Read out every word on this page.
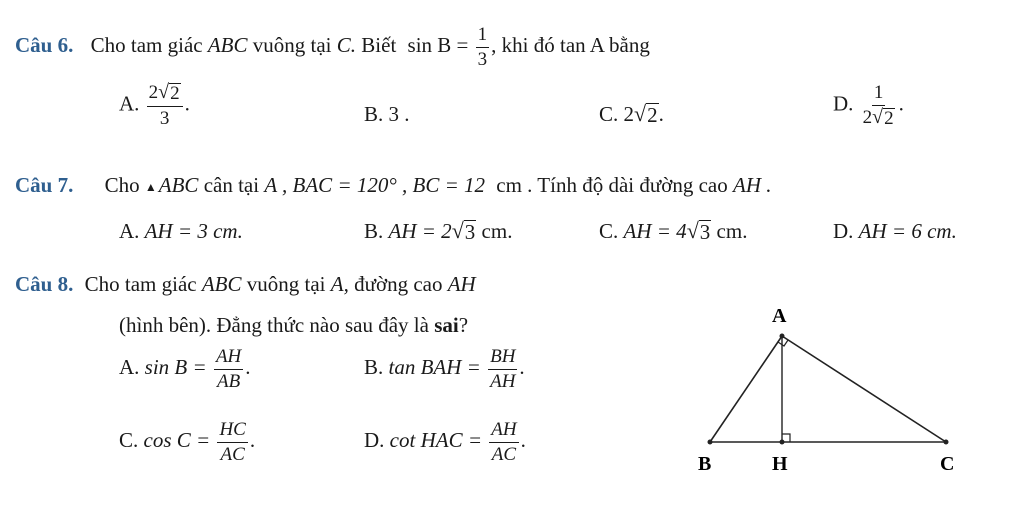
Câu 6. Cho tam giác ABC vuông tại C. Biết $\sin B = \frac{1}{3}$ , khi đó tan A bằng
A. $\frac{2 √ 2}{3}$ .	B. 3 .	C. 2 √ 2 .	D. $\frac{1}{2 √ 2}$ .
Câu 7. Cho ▲ABC cân tại A , BAC = 120° , BC = 12 cm . Tính độ dài đường cao AH .
A. AH = 3 cm.	B. AH = 2 √ 3 cm.	C. AH = 4 √ 3 cm.	D. AH = 6 cm.
Câu 8. Cho tam giác ABC vuông tại A, đường cao AH
(hình bên). Đẳng thức nào sau đây là sai?
A. $\sin B = \frac{AH}{AB}$ .	B. tan BAH = $\frac{BH}{AH}$ .
C. $\cos C = \frac{HC}{AC}$ .	D. cot HAC = $\frac{AH}{AC}$ .
A
B	H	C
